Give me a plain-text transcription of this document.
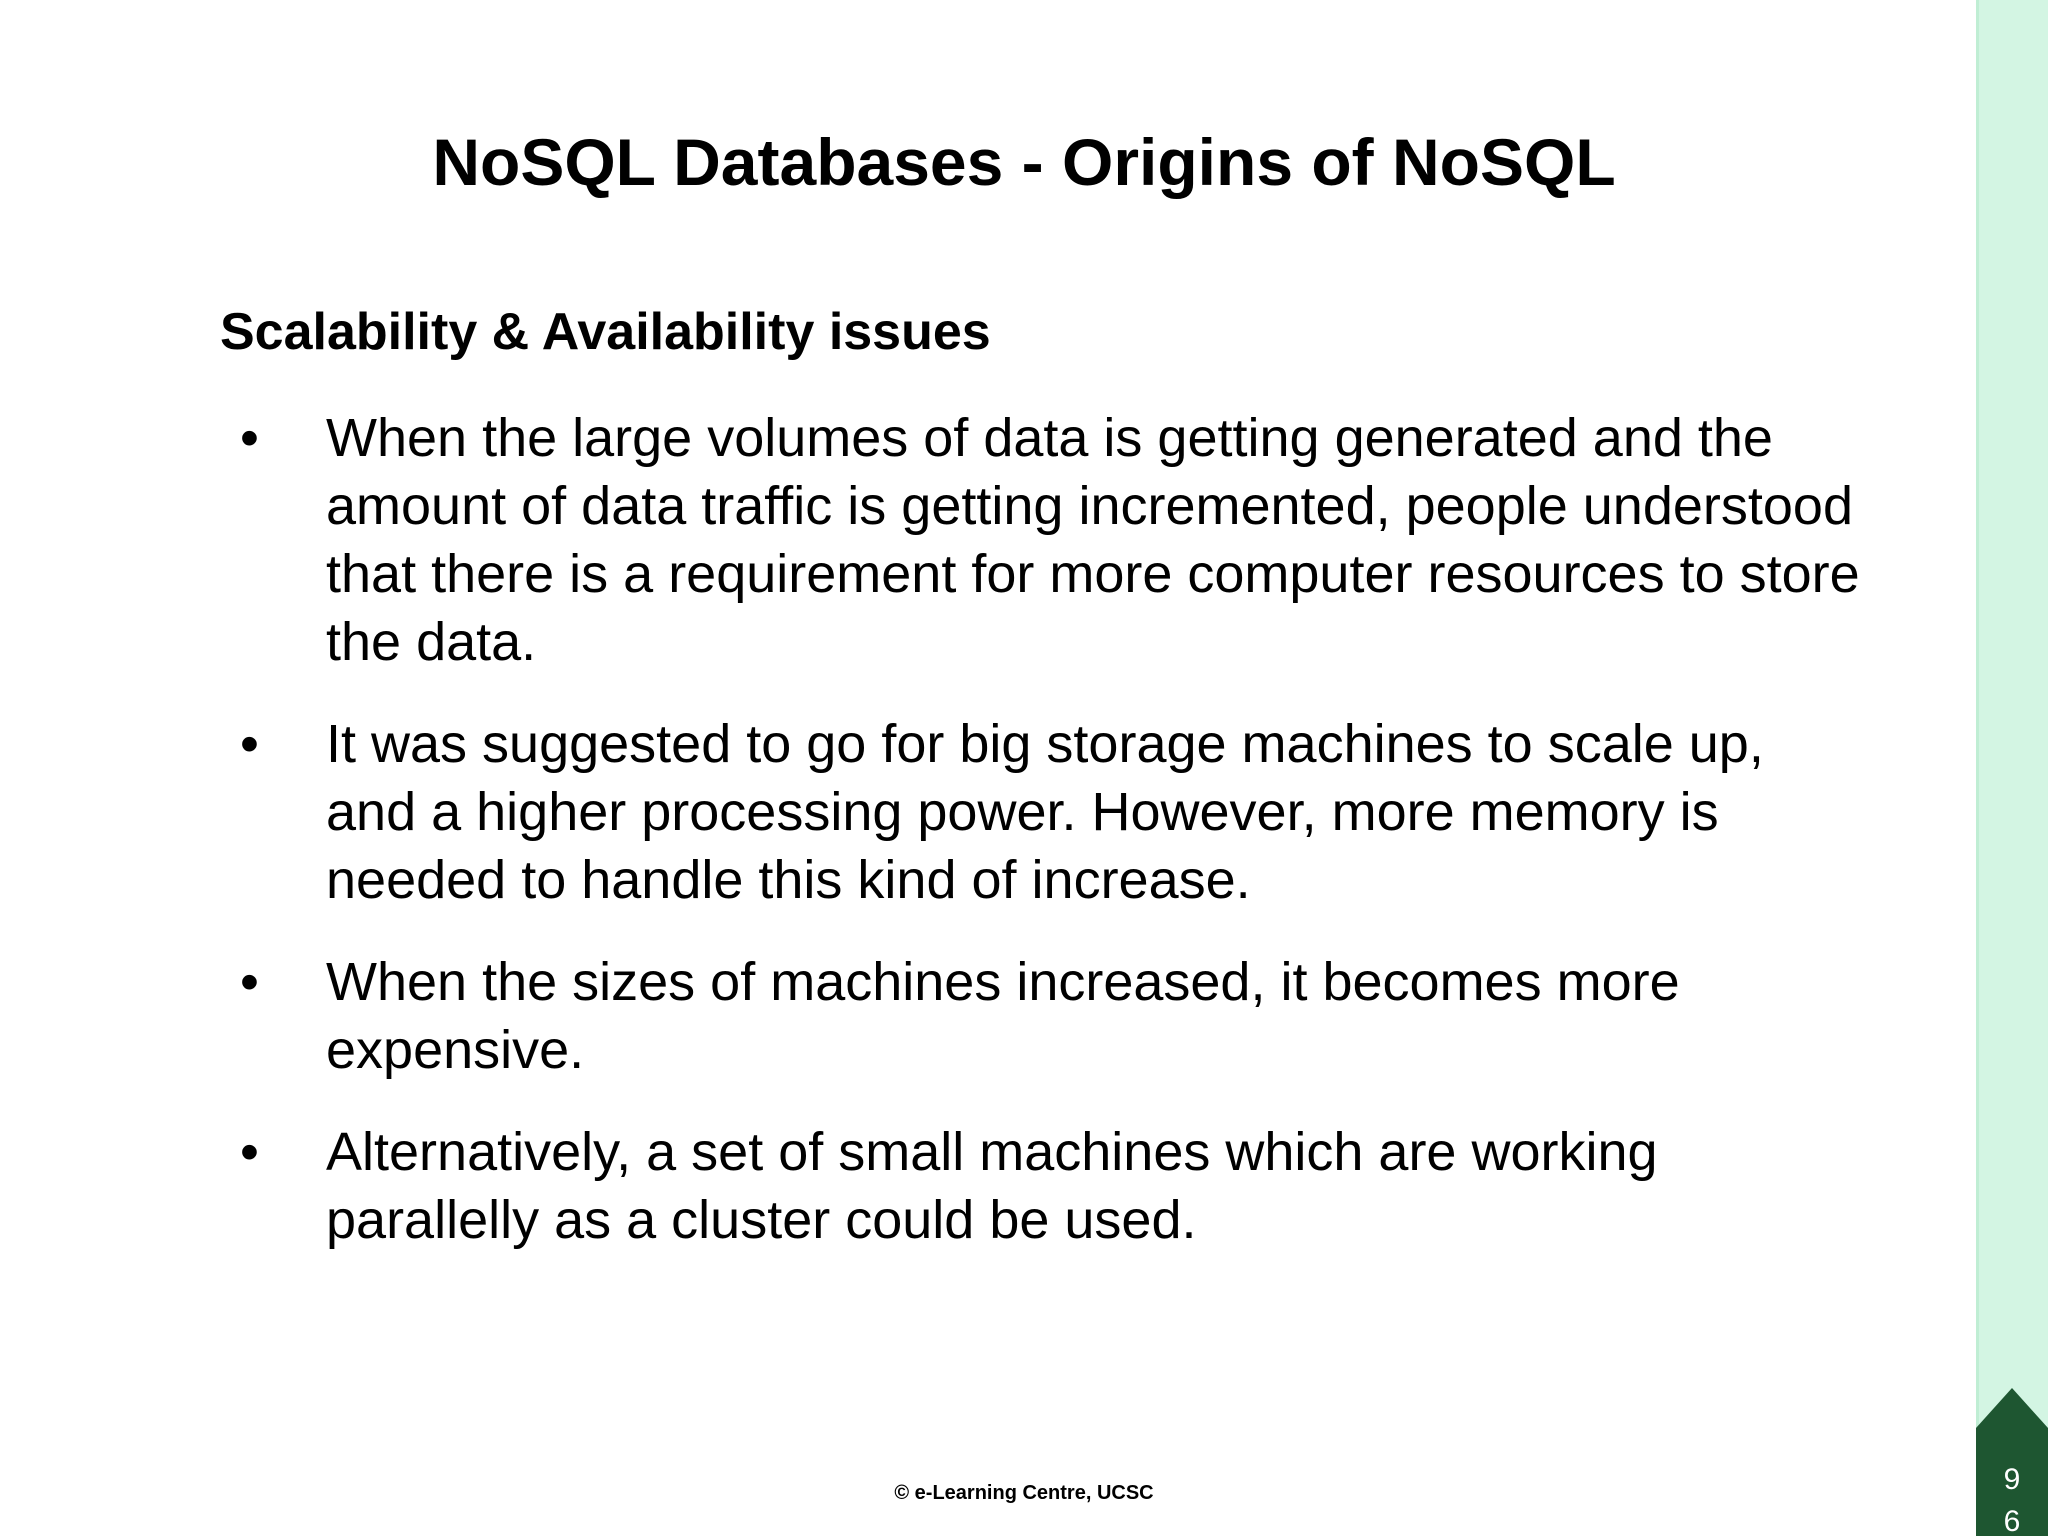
NoSQL Databases - Origins of NoSQL
Scalability & Availability issues
•	When the large volumes of data is getting generated and the amount of data traffic is getting incremented, people understood that there is a requirement for more computer resources to store the data.
•	It was suggested to go for big storage machines to scale up, and a higher processing power. However, more memory is needed to handle this kind of increase.
•	When the sizes of machines increased, it becomes more expensive.
•	Alternatively, a set of small machines which are working parallelly as a cluster could be used.
© e-Learning Centre, UCSC	9
6
